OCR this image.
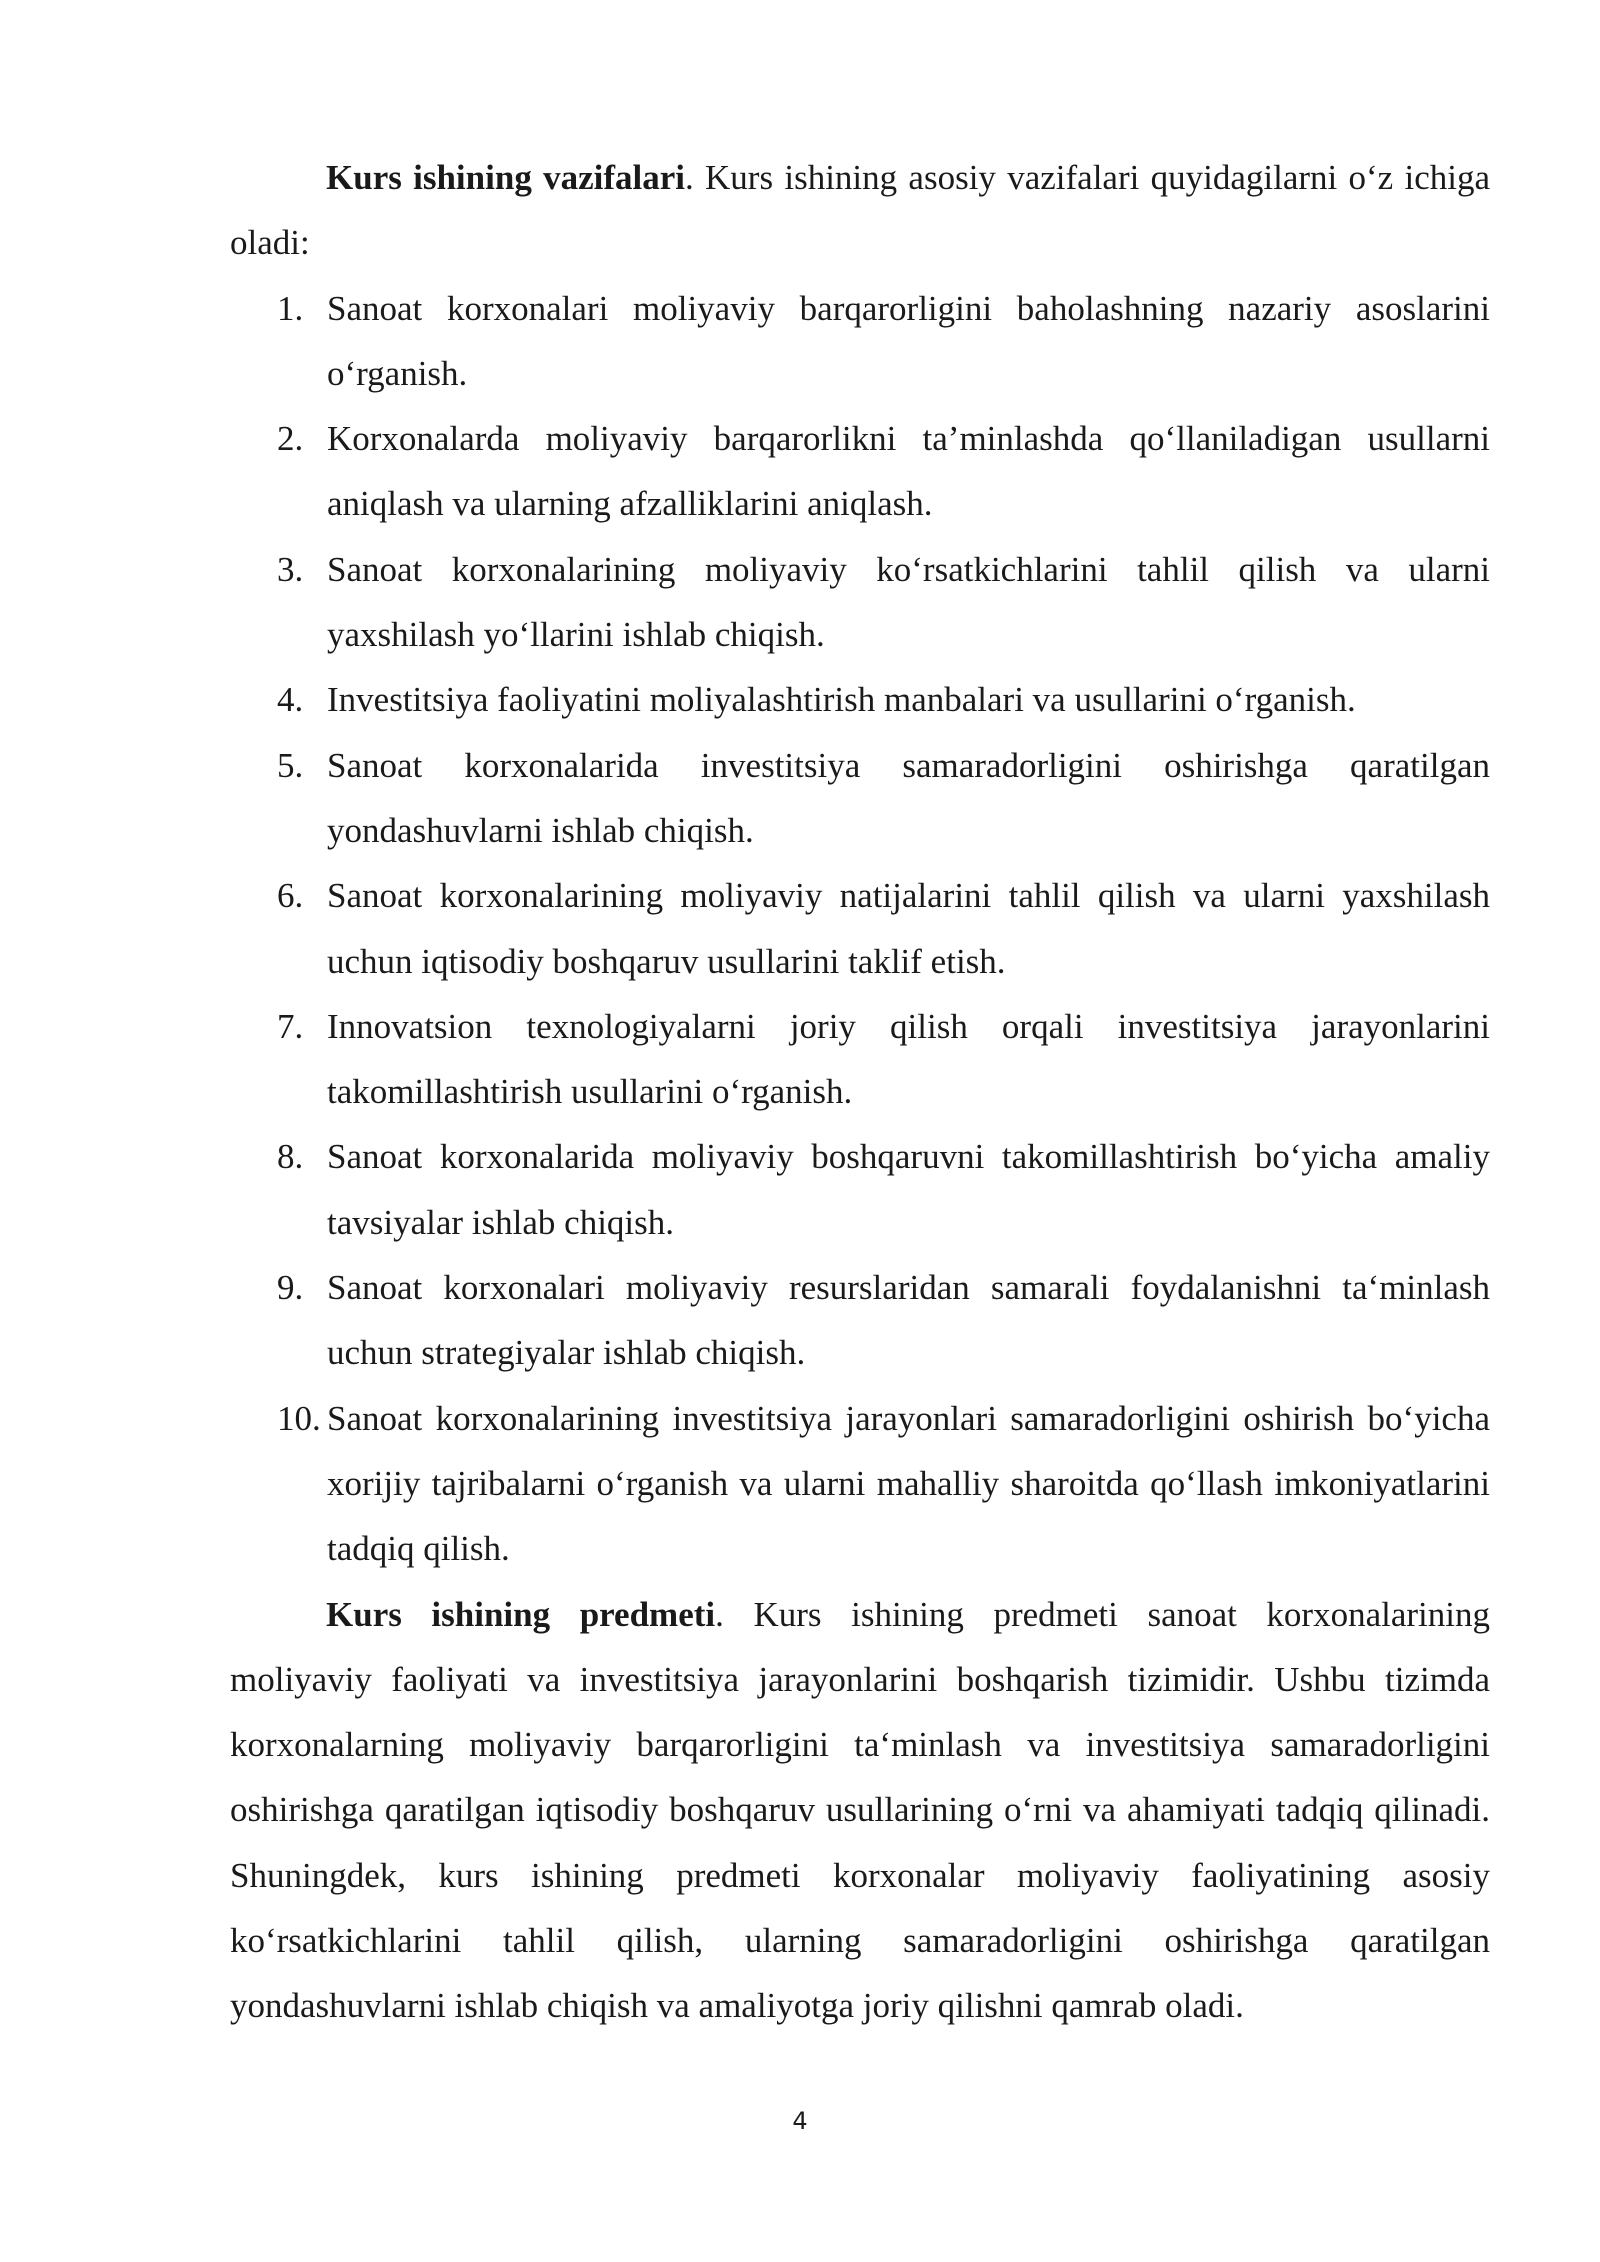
Kurs ishining vazifalari. Kurs ishining asosiy vazifalari quyidagilarni o‘z ichiga oladi:

1. Sanoat korxonalari moliyaviy barqarorligini baholashning nazariy asoslarini o‘rganish.
2. Korxonalarda moliyaviy barqarorlikni ta’minlashda qo‘llaniladigan usullarni aniqlash va ularning afzalliklarini aniqlash.
3. Sanoat korxonalarining moliyaviy ko‘rsatkichlarini tahlil qilish va ularni yaxshilash yo‘llarini ishlab chiqish.
4. Investitsiya faoliyatini moliyalashtirish manbalari va usullarini o‘rganish.
5. Sanoat korxonalarida investitsiya samaradorligini oshirishga qaratilgan yondashuvlarni ishlab chiqish.
6. Sanoat korxonalarining moliyaviy natijalarini tahlil qilish va ularni yaxshilash uchun iqtisodiy boshqaruv usullarini taklif etish.
7. Innovatsion texnologiyalarni joriy qilish orqali investitsiya jarayonlarini takomillashtirish usullarini o‘rganish.
8. Sanoat korxonalarida moliyaviy boshqaruvni takomillashtirish bo‘yicha amaliy tavsiyalar ishlab chiqish.
9. Sanoat korxonalari moliyaviy resurslaridan samarali foydalanishni ta‘minlash uchun strategiyalar ishlab chiqish.
10. Sanoat korxonalarining investitsiya jarayonlari samaradorligini oshirish bo‘yicha xorijiy tajribalarni o‘rganish va ularni mahalliy sharoitda qo‘llash imkoniyatlarini tadqiq qilish.

Kurs ishining predmeti. Kurs ishining predmeti sanoat korxonalarining moliyaviy faoliyati va investitsiya jarayonlarini boshqarish tizimidir. Ushbu tizimda korxonalarning moliyaviy barqarorligini ta‘minlash va investitsiya samaradorligini oshirishga qaratilgan iqtisodiy boshqaruv usullarining o‘rni va ahamiyati tadqiq qilinadi. Shuningdek, kurs ishining predmeti korxonalar moliyaviy faoliyatining asosiy ko‘rsatkichlarini tahlil qilish, ularning samaradorligini oshirishga qaratilgan yondashuvlarni ishlab chiqish va amaliyotga joriy qilishni qamrab oladi.

4
